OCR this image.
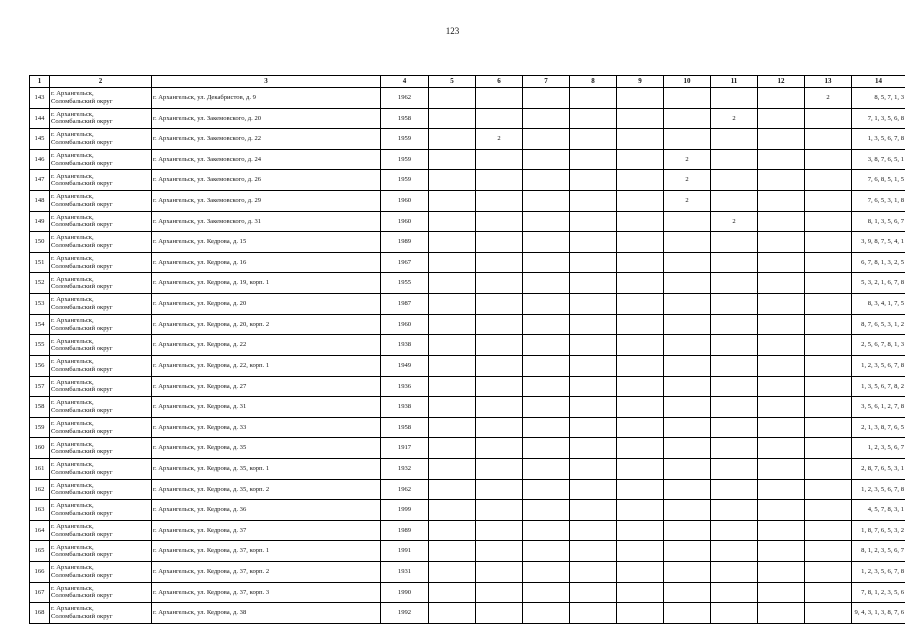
123
1	2	3	4	5	6	7	8	9	10	11	12	13	14
143	г. Архангельск,
Соломбальский округ	г. Архангельск, ул. Декабристов, д. 9	1962									2	8, 5, 7, 1, 3
144	г. Архангельск,
Соломбальский округ	г. Архангельск, ул. Закемовского, д. 20	1958							2			7, 1, 3, 5, 6, 8
145	г. Архангельск,
Соломбальский округ	г. Архангельск, ул. Закемовского, д. 22	1959		2								1, 3, 5, 6, 7, 8
146	г. Архангельск,
Соломбальский округ	г. Архангельск, ул. Закемовского, д. 24	1959						2				3, 8, 7, 6, 5, 1
147	г. Архангельск,
Соломбальский округ	г. Архангельск, ул. Закемовского, д. 26	1959						2				7, 6, 8, 5, 1, 5
148	г. Архангельск,
Соломбальский округ	г. Архангельск, ул. Закемовского, д. 29	1960						2				7, 6, 5, 3, 1, 8
149	г. Архангельск,
Соломбальский округ	г. Архангельск, ул. Закемовского, д. 31	1960							2			8, 1, 3, 5, 6, 7
150	г. Архангельск,
Соломбальский округ	г. Архангельск, ул. Кедрова, д. 15	1989										3, 9, 8, 7, 5, 4, 1
151	г. Архангельск,
Соломбальский округ	г. Архангельск, ул. Кедрова, д. 16	1967										6, 7, 8, 1, 3, 2, 5
152	г. Архангельск,
Соломбальский округ	г. Архангельск, ул. Кедрова, д. 19, корп. 1	1955										5, 3, 2, 1, 6, 7, 8
153	г. Архангельск,
Соломбальский округ	г. Архангельск, ул. Кедрова, д. 20	1987										8, 3, 4, 1, 7, 5
154	г. Архангельск,
Соломбальский округ	г. Архангельск, ул. Кедрова, д. 20, корп. 2	1960										8, 7, 6, 5, 3, 1, 2
155	г. Архангельск,
Соломбальский округ	г. Архангельск, ул. Кедрова, д. 22	1938										2, 5, 6, 7, 8, 1, 3
156	г. Архангельск,
Соломбальский округ	г. Архангельск, ул. Кедрова, д. 22, корп. 1	1949										1, 2, 3, 5, 6, 7, 8
157	г. Архангельск,
Соломбальский округ	г. Архангельск, ул. Кедрова, д. 27	1936										1, 3, 5, 6, 7, 8, 2
158	г. Архангельск,
Соломбальский округ	г. Архангельск, ул. Кедрова, д. 31	1938										3, 5, 6, 1, 2, 7, 8
159	г. Архангельск,
Соломбальский округ	г. Архангельск, ул. Кедрова, д. 33	1958										2, 1, 3, 8, 7, 6, 5
160	г. Архангельск,
Соломбальский округ	г. Архангельск, ул. Кедрова, д. 35	1917										1, 2, 3, 5, 6, 7
161	г. Архангельск,
Соломбальский округ	г. Архангельск, ул. Кедрова, д. 35, корп. 1	1932										2, 8, 7, 6, 5, 3, 1
162	г. Архангельск,
Соломбальский округ	г. Архангельск, ул. Кедрова, д. 35, корп. 2	1962										1, 2, 3, 5, 6, 7, 8
163	г. Архангельск,
Соломбальский округ	г. Архангельск, ул. Кедрова, д. 36	1999										4, 5, 7, 8, 3, 1
164	г. Архангельск,
Соломбальский округ	г. Архангельск, ул. Кедрова, д. 37	1989										1, 8, 7, 6, 5, 3, 2
165	г. Архангельск,
Соломбальский округ	г. Архангельск, ул. Кедрова, д. 37, корп. 1	1991										8, 1, 2, 3, 5, 6, 7
166	г. Архангельск,
Соломбальский округ	г. Архангельск, ул. Кедрова, д. 37, корп. 2	1931										1, 2, 3, 5, 6, 7, 8
167	г. Архангельск,
Соломбальский округ	г. Архангельск, ул. Кедрова, д. 37, корп. 3	1990										7, 8, 1, 2, 3, 5, 6
168	г. Архангельск,
Соломбальский округ	г. Архангельск, ул. Кедрова, д. 38	1992										9, 4, 3, 1, 3, 8, 7, 6
